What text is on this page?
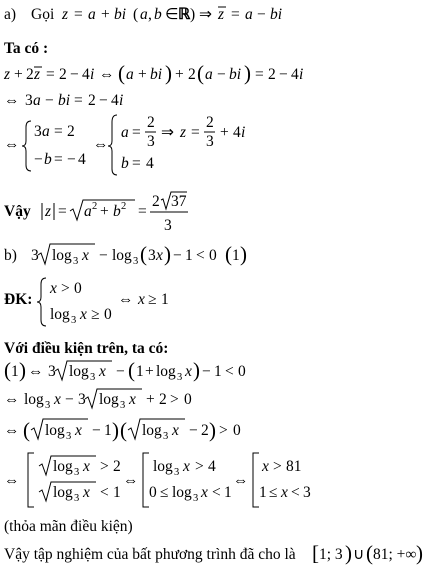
a) Gọi z = a + bi ( a , b ∈ ℝ ) ⇒ z = a − bi
Ta có :
z + 2 z = 2 − 4 i ⇔ ( a + bi ) + 2 ( a − bi ) = 2 − 4 i
⇔ 3 a − bi = 2 − 4 i
⇔
3 a = 2
− b = − 4
⇔
a =
2
3
⇒ z =
2
3
+ 4 i
b = 4
Vậy z = a 2 + b 2 =
2 37
3
b) 3 log 3 x − log 3 ( 3 x ) − 1 < 0 ( 1 )
ĐK:
x > 0
log 3 x ≥ 0
⇔ x ≥ 1
Với điều kiện trên, ta có:
( 1 ) ⇔ 3 log 3 x − ( 1 + log 3 x ) − 1 < 0
⇔ log 3 x − 3 log 3 x + 2 > 0
⇔ ( log 3 x − 1 ) ( log 3 x − 2 ) > 0
⇔
log 3 x > 2
log 3 x < 1
⇔
log 3 x > 4
0 ≤ log 3 x < 1
⇔
x > 81
1 ≤ x < 3
(thỏa mãn điều kiện)
Vậy tập nghiệm của bất phương trình đã cho là [ 1; 3 ) ∪ ( 81; +∞ )
